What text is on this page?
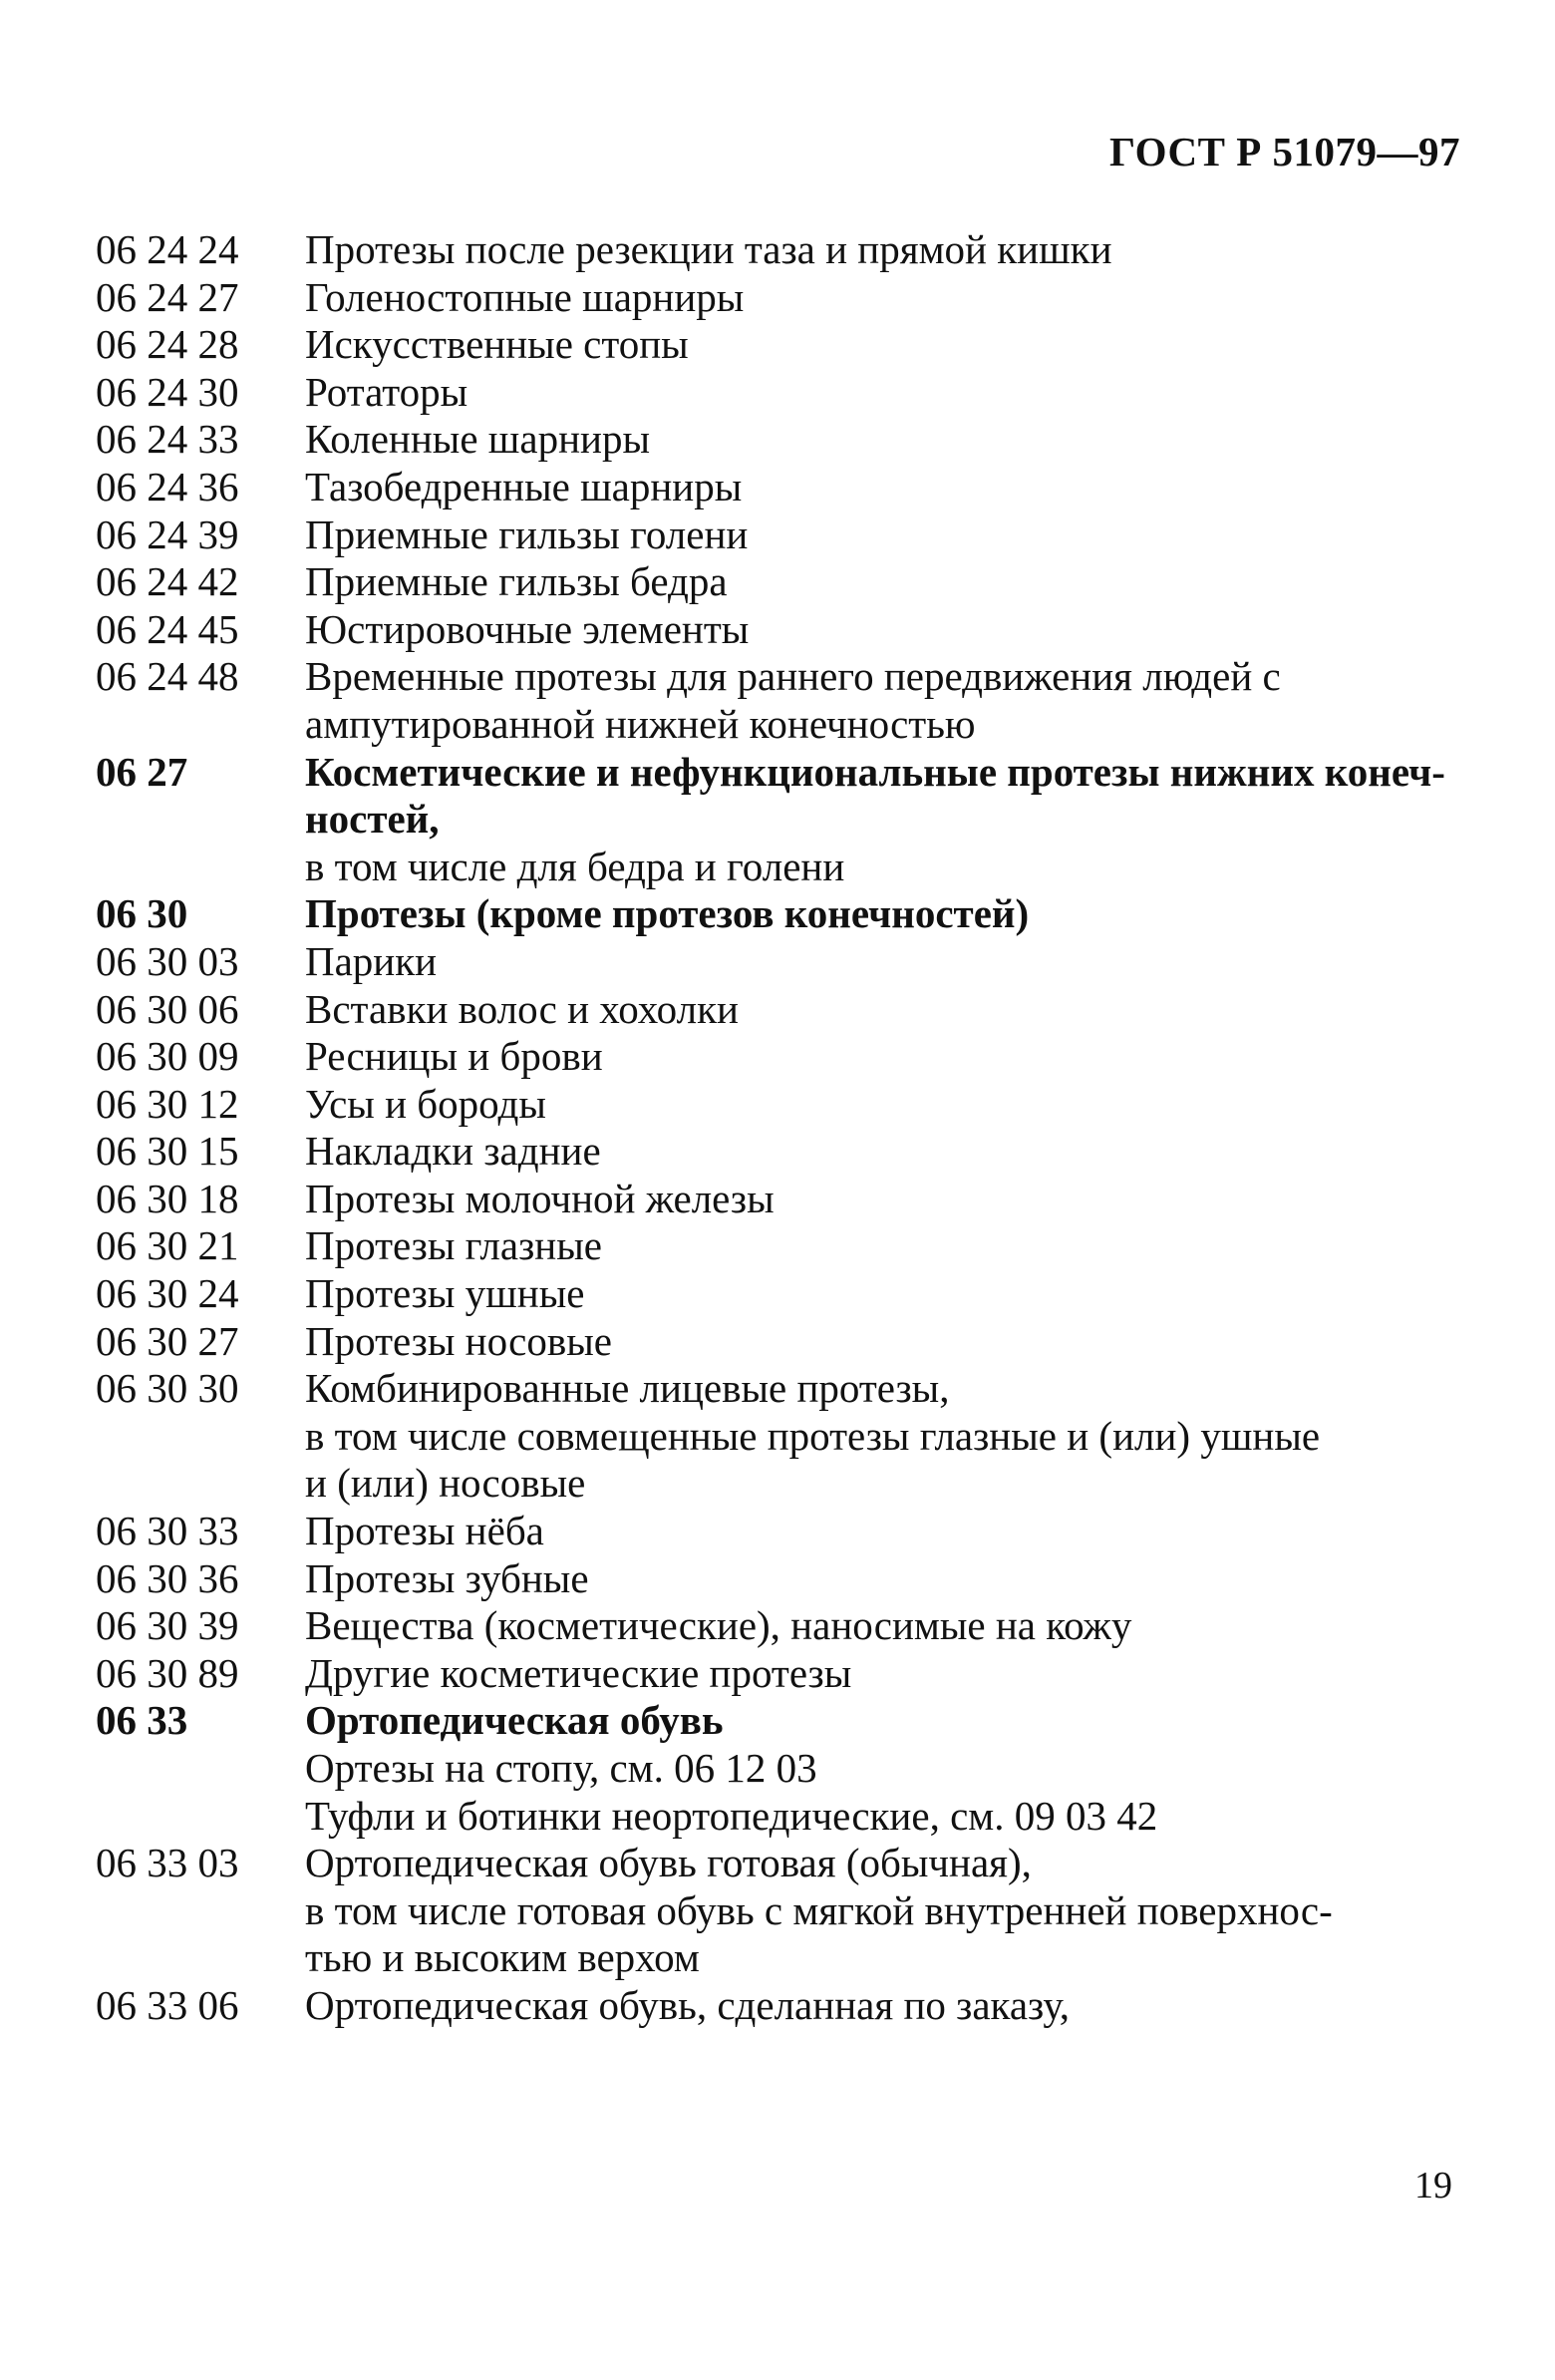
ГОСТ Р 51079—97
06 24 24	Протезы после резекции таза и прямой кишки
06 24 27	Голеностопные шарниры
06 24 28	Искусственные стопы
06 24 30	Ротаторы
06 24 33	Коленные шарниры
06 24 36	Тазобедренные шарниры
06 24 39	Приемные гильзы голени
06 24 42	Приемные гильзы бедра
06 24 45	Юстировочные элементы
06 24 48	Временные протезы для раннего передвижения людей с
ампутированной нижней конечностью
06 27	Косметические и нефункциональные протезы нижних конеч-
ностей,
в том числе для бедра и голени
06 30	Протезы (кроме протезов конечностей)
06 30 03	Парики
06 30 06	Вставки волос и хохолки
06 30 09	Ресницы и брови
06 30 12	Усы и бороды
06 30 15	Накладки задние
06 30 18	Протезы молочной железы
06 30 21	Протезы глазные
06 30 24	Протезы ушные
06 30 27	Протезы носовые
06 30 30	Комбинированные лицевые протезы,
в том числе совмещенные протезы глазные и (или) ушные
и (или) носовые
06 30 33	Протезы нёба
06 30 36	Протезы зубные
06 30 39	Вещества (косметические), наносимые на кожу
06 30 89	Другие косметические протезы
06 33	Ортопедическая обувь
Ортезы на стопу, см. 06 12 03
Туфли и ботинки неортопедические, см. 09 03 42
06 33 03	Ортопедическая обувь готовая (обычная),
в том числе готовая обувь с мягкой внутренней поверхнос-
тью и высоким верхом
06 33 06	Ортопедическая обувь, сделанная по заказу,
19
